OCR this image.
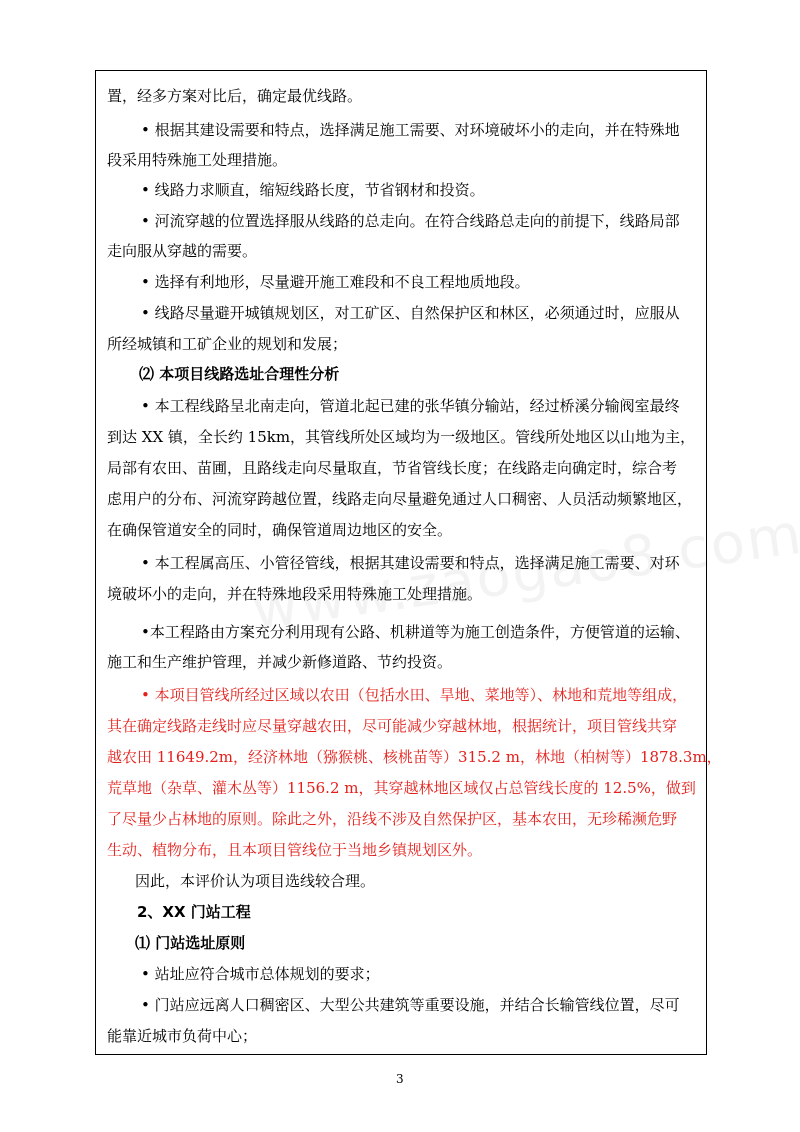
置，经多方案对比后，确定最优线路。
• 根据其建设需要和特点，选择满足施工需要、对环境破坏小的走向，并在特殊地
段采用特殊施工处理措施。
• 线路力求顺直，缩短线路长度，节省钢材和投资。
• 河流穿越的位置选择服从线路的总走向。在符合线路总走向的前提下，线路局部
走向服从穿越的需要。
• 选择有利地形，尽量避开施工难段和不良工程地质地段。
• 线路尽量避开城镇规划区，对工矿区、自然保护区和林区，必须通过时，应服从
所经城镇和工矿企业的规划和发展；
⑵ 本项目线路选址合理性分析
• 本工程线路呈北南走向，管道北起已建的张华镇分输站，经过桥溪分输阀室最终
到达 XX 镇，全长约 15km，其管线所处区域均为一级地区。管线所处地区以山地为主，
局部有农田、苗圃，且路线走向尽量取直，节省管线长度；在线路走向确定时，综合考
虑用户的分布、河流穿跨越位置，线路走向尽量避免通过人口稠密、人员活动频繁地区，
在确保管道安全的同时，确保管道周边地区的安全。
• 本工程属高压、小管径管线，根据其建设需要和特点，选择满足施工需要、对环
境破坏小的走向，并在特殊地段采用特殊施工处理措施。
•本工程路由方案充分利用现有公路、机耕道等为施工创造条件，方便管道的运输、
施工和生产维护管理，并减少新修道路、节约投资。
• 本项目管线所经过区域以农田（包括水田、旱地、菜地等）、林地和荒地等组成，
其在确定线路走线时应尽量穿越农田，尽可能减少穿越林地，根据统计，项目管线共穿
越农田 11649.2m，经济林地（猕猴桃、核桃苗等）315.2 m，林地（柏树等）1878.3m，
荒草地（杂草、灌木丛等）1156.2 m，其穿越林地区域仅占总管线长度的 12.5%，做到
了尽量少占林地的原则。除此之外，沿线不涉及自然保护区，基本农田，无珍稀濒危野
生动、植物分布，且本项目管线位于当地乡镇规划区外。
因此，本评价认为项目选线较合理。
2、XX 门站工程
⑴ 门站选址原则
• 站址应符合城市总体规划的要求；
• 门站应远离人口稠密区、大型公共建筑等重要设施，并结合长输管线位置，尽可
能靠近城市负荷中心；
3
